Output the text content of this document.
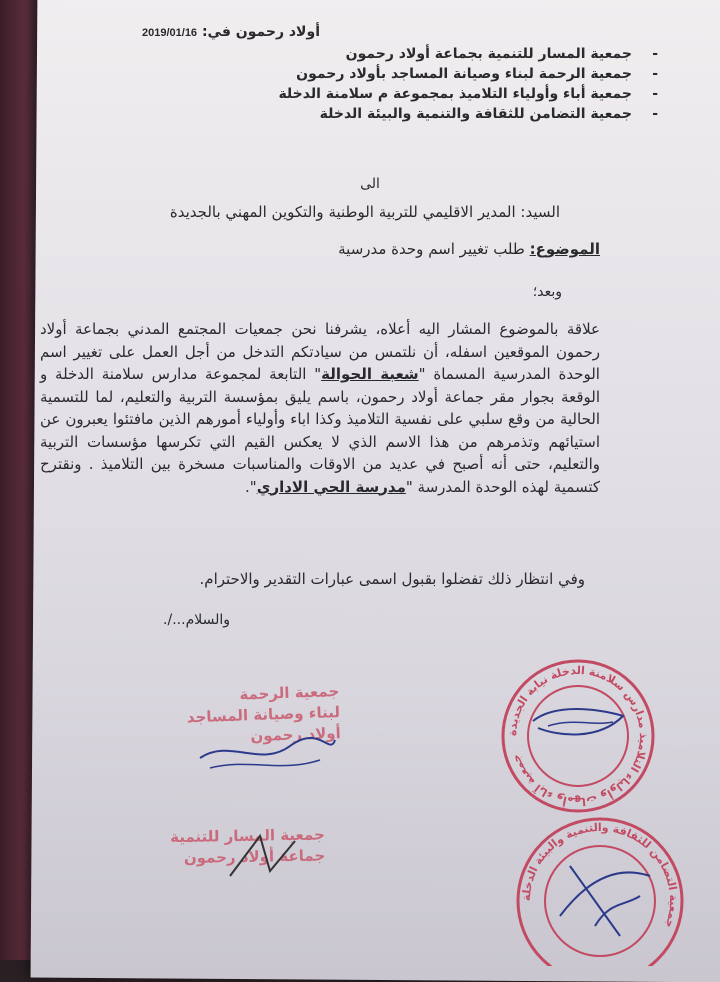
أولاد رحمون في: 2019/01/16
-
جمعية المسار للتنمية بجماعة أولاد رحمون
-
جمعية الرحمة لبناء وصيانة المساجد بأولاد رحمون
-
جمعية أباء وأولياء التلاميذ بمجموعة م سلامنة الدخلة
-
جمعية التضامن للثقافة والتنمية والبيئة الدخلة
الى
السيد: المدير الاقليمي للتربية الوطنية والتكوين المهني بالجديدة
الموضوع: طلب تغيير اسم وحدة مدرسية
وبعد؛
علاقة بالموضوع المشار اليه أعلاه، يشرفنا نحن جمعيات المجتمع المدني بجماعة أولاد رحمون الموقعين اسفله، أن نلتمس من سيادتكم التدخل من أجل العمل على تغيير اسم الوحدة المدرسية المسماة "شعبة الحوالة" التابعة لمجموعة مدارس سلامنة الدخلة و الوقعة بجوار مقر جماعة أولاد رحمون، باسم يليق بمؤسسة التربية والتعليم، لما للتسمية الحالية من وقع سلبي على نفسية التلاميذ وكذا اباء وأولياء أمورهم الذين مافتئوا يعبرون عن استيائهم وتذمرهم من هذا الاسم الذي لا يعكس القيم التي تكرسها مؤسسات التربية والتعليم، حتى أنه أصبح في عديد من الاوقات والمناسبات مسخرة بين التلاميذ . ونقترح كتسمية لهذه الوحدة المدرسة "مدرسة الحي الاداري".
وفي انتظار ذلك تفضلوا بقبول اسمى عبارات التقدير والاحترام.
والسلام.../.
جمعية الرحمة
لبناء وصيانة المساجد
أولاد رحمون
جمعية المسار للتنمية
جماعة أولاد رحمون
جمعية آباء وأمهات وأولياء التلاميذ مدارس سلامنة الدخلة نيابة الجديدة
جمعية التضامن للثقافة والتنمية والبيئة الدخلة
